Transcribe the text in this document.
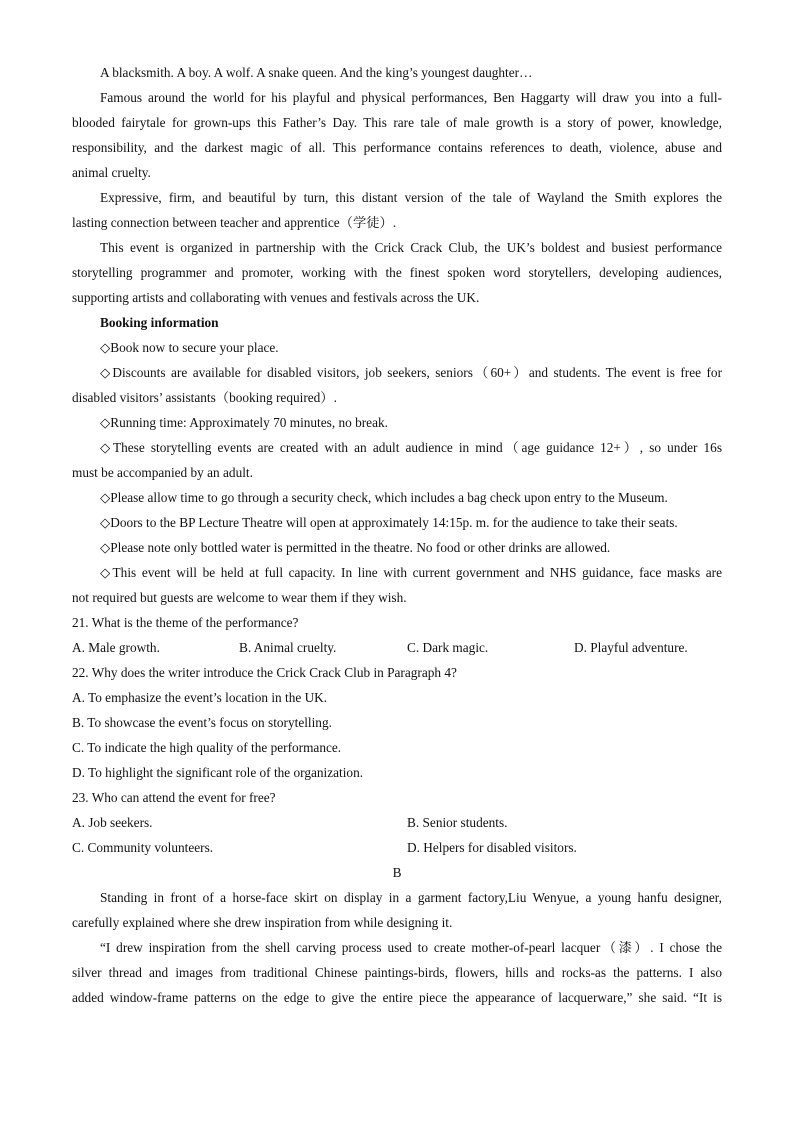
A blacksmith. A boy. A wolf. A snake queen. And the king’s youngest daughter…
Famous around the world for his playful and physical performances, Ben Haggarty will draw you into a full-
blooded fairytale for grown-ups this Father’s Day. This rare tale of male growth is a story of power, knowledge,
responsibility, and the darkest magic of all. This performance contains references to death, violence, abuse and
animal cruelty.
Expressive, firm, and beautiful by turn, this distant version of the tale of Wayland the Smith explores the
lasting connection between teacher and apprentice（学徒）.
This event is organized in partnership with the Crick Crack Club, the UK’s boldest and busiest performance
storytelling programmer and promoter, working with the finest spoken word storytellers, developing audiences,
supporting artists and collaborating with venues and festivals across the UK.
Booking information
◇Book now to secure your place.
◇Discounts are available for disabled visitors, job seekers, seniors（60+）and students. The event is free for
disabled visitors’ assistants（booking required）.
◇Running time: Approximately 70 minutes, no break.
◇These storytelling events are created with an adult audience in mind（age guidance 12+）, so under 16s
must be accompanied by an adult.
◇Please allow time to go through a security check, which includes a bag check upon entry to the Museum.
◇Doors to the BP Lecture Theatre will open at approximately 14:15p. m. for the audience to take their seats.
◇Please note only bottled water is permitted in the theatre. No food or other drinks are allowed.
◇This event will be held at full capacity. In line with current government and NHS guidance, face masks are
not required but guests are welcome to wear them if they wish.
21. What is the theme of the performance?
A. Male growth.	B. Animal cruelty.	C. Dark magic.	D. Playful adventure.
22. Why does the writer introduce the Crick Crack Club in Paragraph 4?
A. To emphasize the event’s location in the UK.
B. To showcase the event’s focus on storytelling.
C. To indicate the high quality of the performance.
D. To highlight the significant role of the organization.
23. Who can attend the event for free?
A. Job seekers.	B. Senior students.
C. Community volunteers.	D. Helpers for disabled visitors.
B
Standing in front of a horse-face skirt on display in a garment factory,Liu Wenyue, a young hanfu designer,
carefully explained where she drew inspiration from while designing it.
“I drew inspiration from the shell carving process used to create mother-of-pearl lacquer（漆）. I chose the
silver thread and images from traditional Chinese paintings-birds, flowers, hills and rocks-as the patterns. I also
added window-frame patterns on the edge to give the entire piece the appearance of lacquerware,” she said. “It is
